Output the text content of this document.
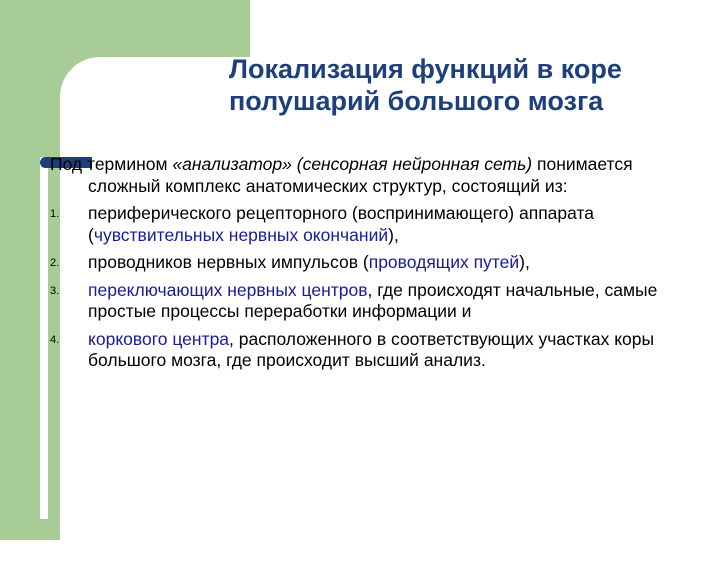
Локализация функций в коре полушарий большого мозга

Под термином «анализатор» (сенсорная нейронная сеть) понимается сложный комплекс анатомических структур, состоящий из:

1. периферического рецепторного (воспринимающего) аппарата (чувствительных нервных окончаний),
2. проводников нервных импульсов (проводящих путей),
3. переключающих нервных центров, где происходят начальные, самые простые процессы переработки информации и
4. коркового центра, расположенного в соответствующих участках коры большого мозга, где происходит высший анализ.
